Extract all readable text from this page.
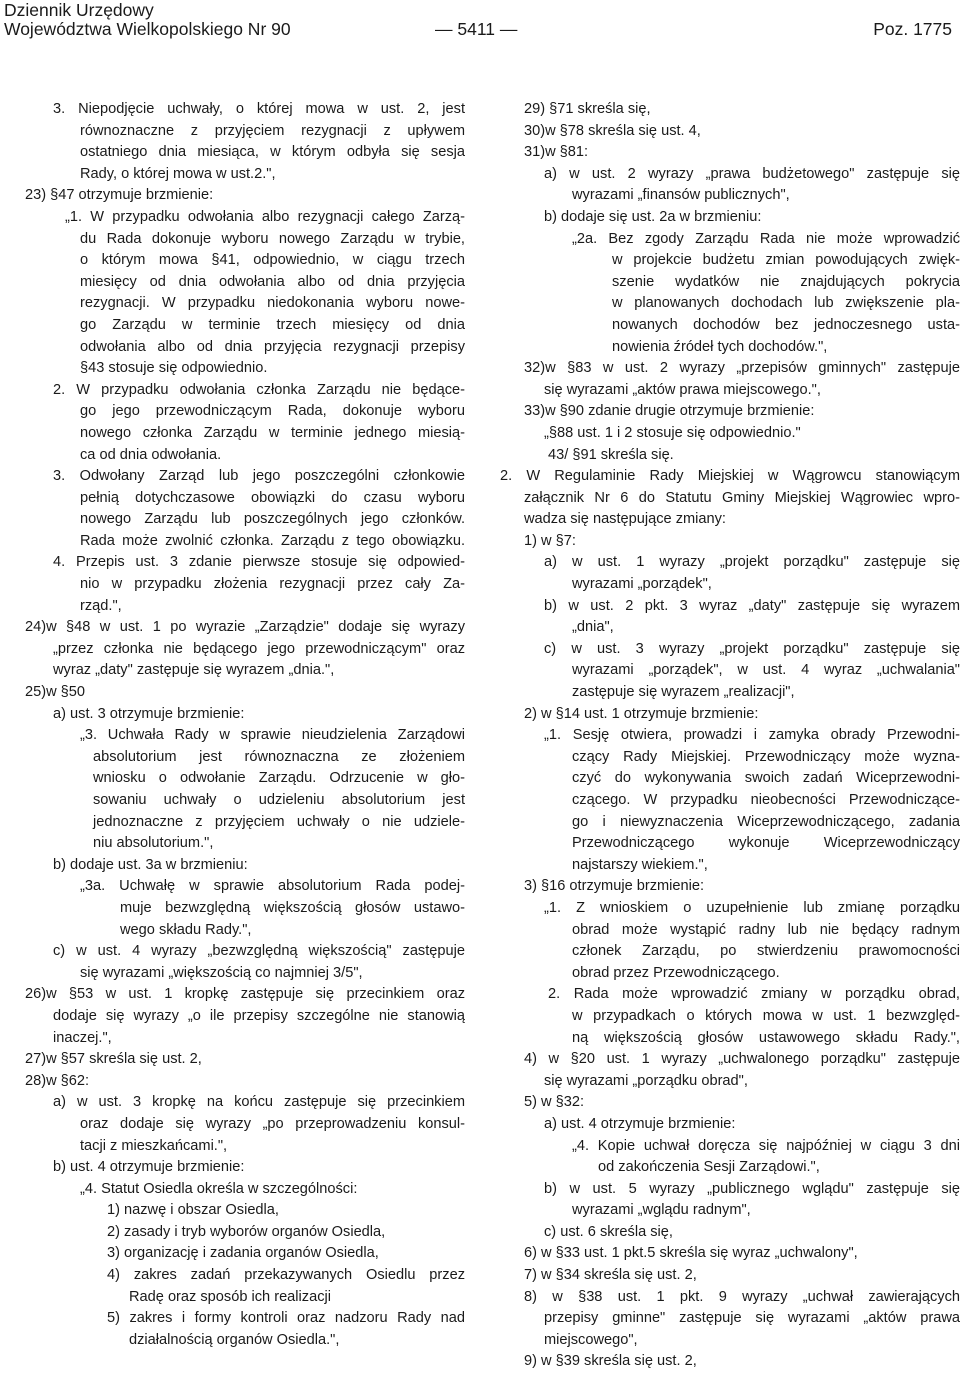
Dziennik Urzędowy
Województwa Wielkopolskiego Nr 90	— 5411 —	Poz. 1775
3. Niepodjęcie uchwały, o której mowa w ust. 2, jest
równoznaczne z przyjęciem rezygnacji z upływem
ostatniego dnia miesiąca, w którym odbyła się sesja
Rady, o której mowa w ust.2.",
23) §47 otrzymuje brzmienie:
„1. W przypadku odwołania albo rezygnacji całego Zarzą-
du Rada dokonuje wyboru nowego Zarządu w trybie,
o którym mowa §41, odpowiednio, w ciągu trzech
miesięcy od dnia odwołania albo od dnia przyjęcia
rezygnacji. W przypadku niedokonania wyboru nowe-
go Zarządu w terminie trzech miesięcy od dnia
odwołania albo od dnia przyjęcia rezygnacji przepisy
§43 stosuje się odpowiednio.
2. W przypadku odwołania członka Zarządu nie będące-
go jego przewodniczącym Rada, dokonuje wyboru
nowego członka Zarządu w terminie jednego miesią-
ca od dnia odwołania.
3. Odwołany Zarząd lub jego poszczególni członkowie
pełnią dotychczasowe obowiązki do czasu wyboru
nowego Zarządu lub poszczególnych jego członków.
Rada może zwolnić członka. Zarządu z tego obowiązku.
4. Przepis ust. 3 zdanie pierwsze stosuje się odpowied-
nio w przypadku złożenia rezygnacji przez cały Za-
rząd.",
24)w §48 w ust. 1 po wyrazie „Zarządzie" dodaje się wyrazy
„przez członka nie będącego jego przewodniczącym" oraz
wyraz „daty" zastępuje się wyrazem „dnia.",
25)w §50
a) ust. 3 otrzymuje brzmienie:
„3. Uchwała Rady w sprawie nieudzielenia Zarządowi
absolutorium jest równoznaczna ze złożeniem
wniosku o odwołanie Zarządu. Odrzucenie w gło-
sowaniu uchwały o udzieleniu absolutorium jest
jednoznaczne z przyjęciem uchwały o nie udziele-
niu absolutorium.",
b) dodaje ust. 3a w brzmieniu:
„3a. Uchwałę w sprawie absolutorium Rada podej-
muje bezwzględną większością głosów ustawo-
wego składu Rady.",
c) w ust. 4 wyrazy „bezwzględną większością" zastępuje
się wyrazami „większością co najmniej 3/5",
26)w §53 w ust. 1 kropkę zastępuje się przecinkiem oraz
dodaje się wyrazy „o ile przepisy szczególne nie stanowią
inaczej.",
27)w §57 skreśla się ust. 2,
28)w §62:
a) w ust. 3 kropkę na końcu zastępuje się przecinkiem
oraz dodaje się wyrazy „po przeprowadzeniu konsul-
tacji z mieszkańcami.",
b) ust. 4 otrzymuje brzmienie:
„4. Statut Osiedla określa w szczególności:
1) nazwę i obszar Osiedla,
2) zasady i tryb wyborów organów Osiedla,
3) organizację i zadania organów Osiedla,
4) zakres zadań przekazywanych Osiedlu przez
Radę oraz sposób ich realizacji
5) zakres i formy kontroli oraz nadzoru Rady nad
działalnością organów Osiedla.",
29) §71 skreśla się,
30)w §78 skreśla się ust. 4,
31)w §81:
a) w ust. 2 wyrazy „prawa budżetowego" zastępuje się
wyrazami „finansów publicznych",
b) dodaje się ust. 2a w brzmieniu:
„2a. Bez zgody Zarządu Rada nie może wprowadzić
w projekcie budżetu zmian powodujących zwięk-
szenie wydatków nie znajdujących pokrycia
w planowanych dochodach lub zwiększenie pla-
nowanych dochodów bez jednoczesnego usta-
nowienia źródeł tych dochodów.",
32)w §83 w ust. 2 wyrazy „przepisów gminnych" zastępuje
się wyrazami „aktów prawa miejscowego.",
33)w §90 zdanie drugie otrzymuje brzmienie:
„§88 ust. 1 i 2 stosuje się odpowiednio."
43/ §91 skreśla się.
2. W Regulaminie Rady Miejskiej w Wągrowcu stanowiącym
załącznik Nr 6 do Statutu Gminy Miejskiej Wągrowiec wpro-
wadza się następujące zmiany:
1) w §7:
a) w ust. 1 wyrazy „projekt porządku" zastępuje się
wyrazami „porządek",
b) w ust. 2 pkt. 3 wyraz „daty" zastępuje się wyrazem
„dnia",
c) w ust. 3 wyrazy „projekt porządku" zastępuje się
wyrazami „porządek", w ust. 4 wyraz „uchwalania"
zastępuje się wyrazem „realizacji",
2) w §14 ust. 1 otrzymuje brzmienie:
„1. Sesję otwiera, prowadzi i zamyka obrady Przewodni-
czący Rady Miejskiej. Przewodniczący może wyzna-
czyć do wykonywania swoich zadań Wiceprzewodni-
czącego. W przypadku nieobecności Przewodniczące-
go i niewyznaczenia Wiceprzewodniczącego, zadania
Przewodniczącego wykonuje Wiceprzewodniczący
najstarszy wiekiem.",
3) §16 otrzymuje brzmienie:
„1. Z wnioskiem o uzupełnienie lub zmianę porządku
obrad może wystąpić radny lub nie będący radnym
członek Zarządu, po stwierdzeniu prawomocności
obrad przez Przewodniczącego.
2. Rada może wprowadzić zmiany w porządku obrad,
w przypadkach o których mowa w ust. 1 bezwzględ-
ną większością głosów ustawowego składu Rady.",
4) w §20 ust. 1 wyrazy „uchwalonego porządku" zastępuje
się wyrazami „porządku obrad",
5) w §32:
a) ust. 4 otrzymuje brzmienie:
„4. Kopie uchwał doręcza się najpóźniej w ciągu 3 dni
od zakończenia Sesji Zarządowi.",
b) w ust. 5 wyrazy „publicznego wglądu" zastępuje się
wyrazami „wglądu radnym",
c) ust. 6 skreśla się,
6) w §33 ust. 1 pkt.5 skreśla się wyraz „uchwalony",
7) w §34 skreśla się ust. 2,
8) w §38 ust. 1 pkt. 9 wyrazy „uchwał zawierających
przepisy gminne" zastępuje się wyrazami „aktów prawa
miejscowego",
9) w §39 skreśla się ust. 2,
